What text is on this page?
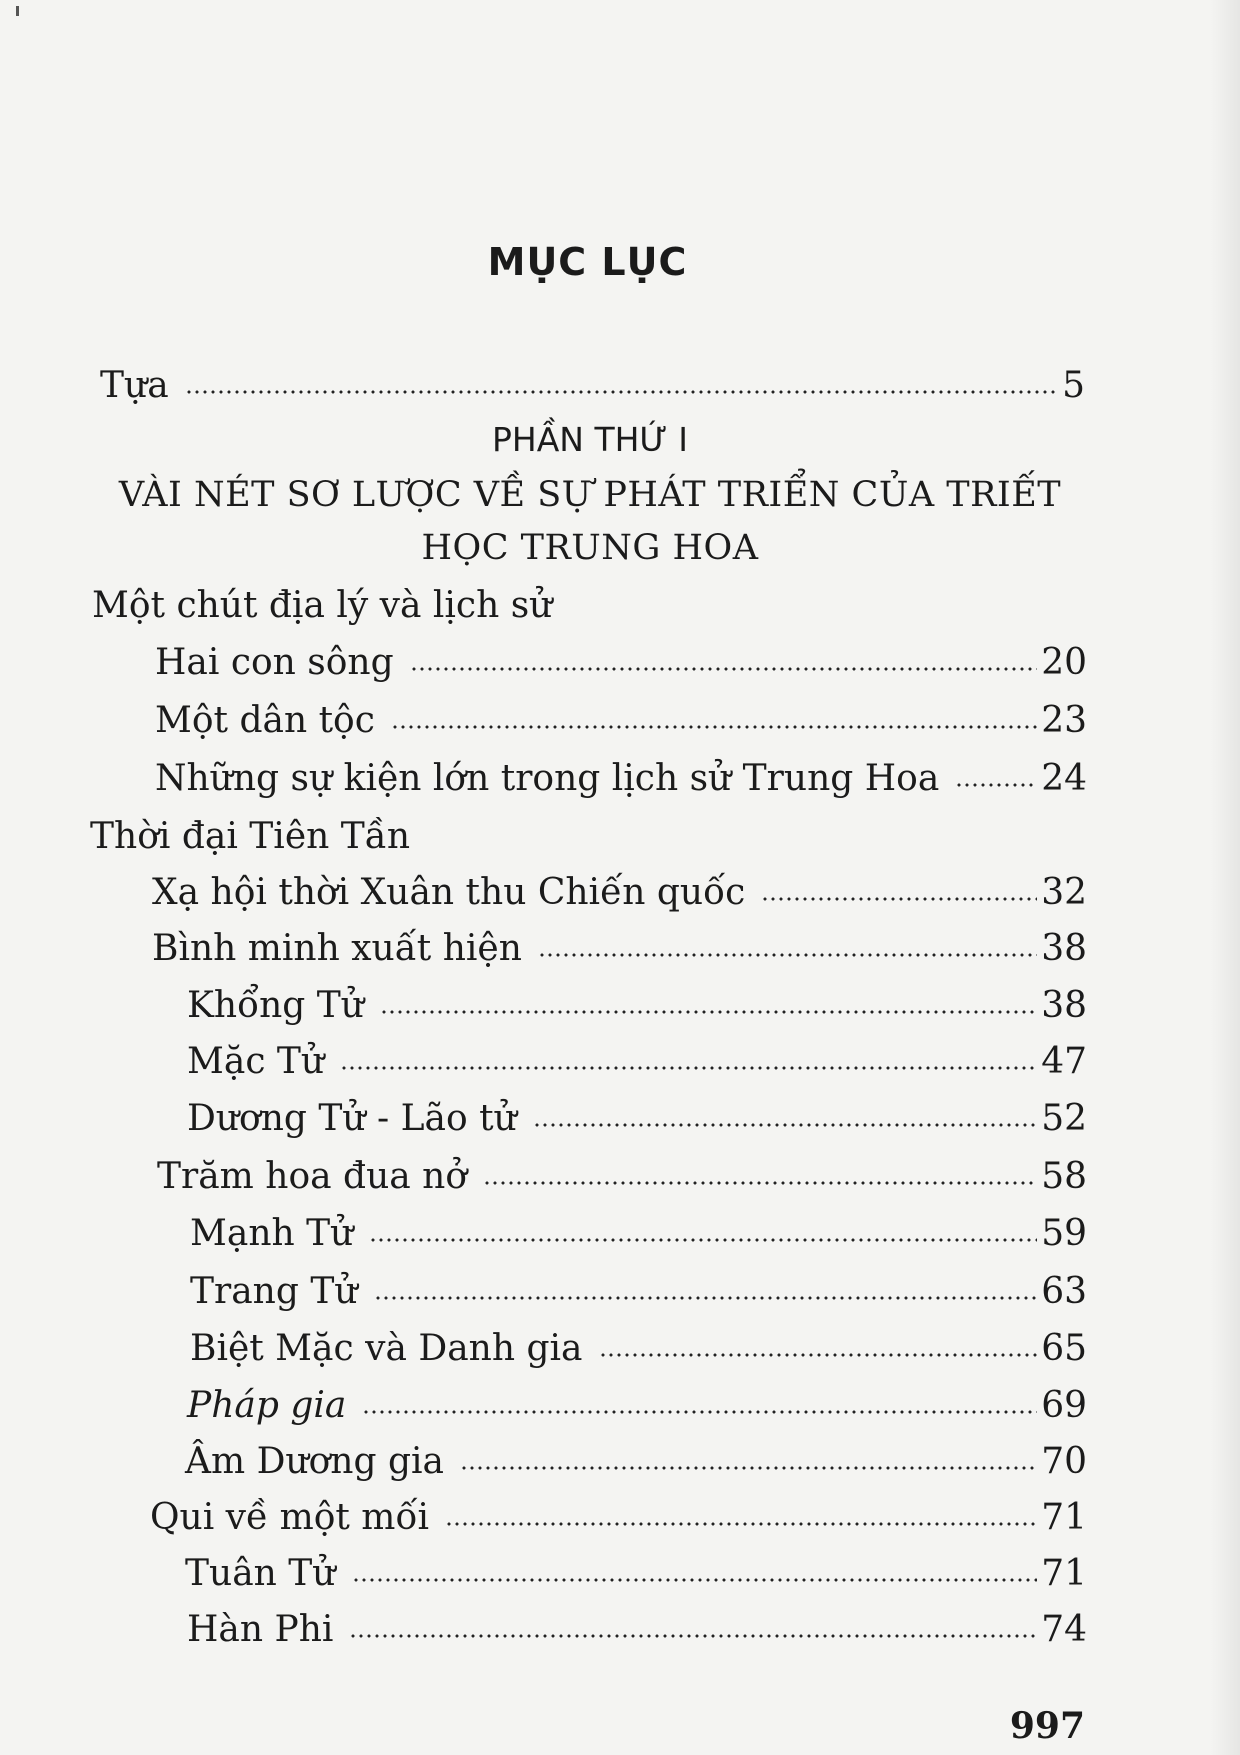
MỤC LỤC
Tựa	5
PHẦN THỨ I
VÀI NÉT SƠ LƯỢC VỀ SỰ PHÁT TRIỂN CỦA TRIẾT
HỌC TRUNG HOA
Một chút địa lý và lịch sử
Hai con sông	20
Một dân tộc	23
Những sự kiện lớn trong lịch sử Trung Hoa	24
Thời đại Tiên Tần
Xạ hội thời Xuân thu Chiến quốc	32
Bình minh xuất hiện	38
Khổng Tử	38
Mặc Tử	47
Dương Tử - Lão tử	52
Trăm hoa đua nở	58
Mạnh Tử	59
Trang Tử	63
Biệt Mặc và Danh gia	65
Pháp gia	69
Âm Dương gia	70
Qui về một mối	71
Tuân Tử	71
Hàn Phi	74
997
